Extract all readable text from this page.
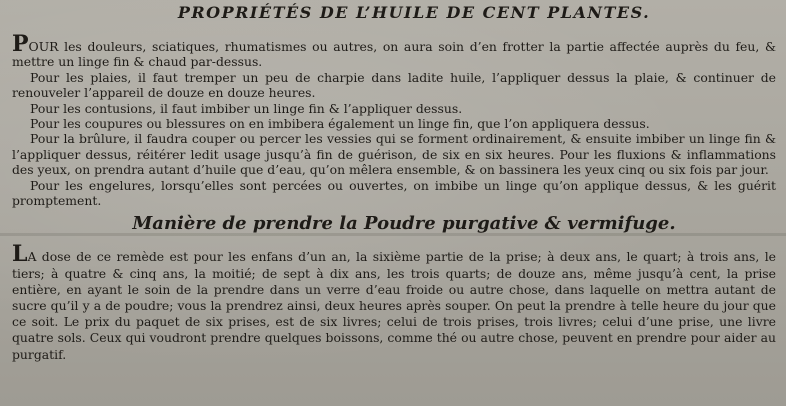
PROPRIÉTÉS DE L’HUILE DE CENT PLANTES.

POUR les douleurs, sciatiques, rhumatismes ou autres, on aura soin d’en frotter la partie affectée auprès du feu, & mettre un linge fin & chaud par-dessus.

Pour les plaies, il faut tremper un peu de charpie dans ladite huile, l’appliquer dessus la plaie, & continuer de renouveler l’appareil de douze en douze heures.

Pour les contusions, il faut imbiber un linge fin & l’appliquer dessus.

Pour les coupures ou blessures on en imbibera également un linge fin, que l’on appliquera dessus.

Pour la brûlure, il faudra couper ou percer les vessies qui se forment ordinairement, & ensuite imbiber un linge fin & l’appliquer dessus, réitérer ledit usage jusqu’à fin de guérison, de six en six heures. Pour les fluxions & inflammations des yeux, on prendra autant d’huile que d’eau, qu’on mêlera ensemble, & on bassinera les yeux cinq ou six fois par jour.

Pour les engelures, lorsqu’elles sont percées ou ouvertes, on imbibe un linge qu’on applique dessus, & les guérit promptement.

Manière de prendre la Poudre purgative & vermifuge.

LA dose de ce remède est pour les enfans d’un an, la sixième partie de la prise; à deux ans, le quart; à trois ans, le tiers; à quatre & cinq ans, la moitié; de sept à dix ans, les trois quarts; de douze ans, même jusqu’à cent, la prise entière, en ayant le soin de la prendre dans un verre d’eau froide ou autre chose, dans laquelle on mettra autant de sucre qu’il y a de poudre; vous la prendrez ainsi, deux heures après souper. On peut la prendre à telle heure du jour que ce soit. Le prix du paquet de six prises, est de six livres; celui de trois prises, trois livres; celui d’une prise, une livre quatre sols. Ceux qui voudront prendre quelques boissons, comme thé ou autre chose, peuvent en prendre pour aider au purgatif.
